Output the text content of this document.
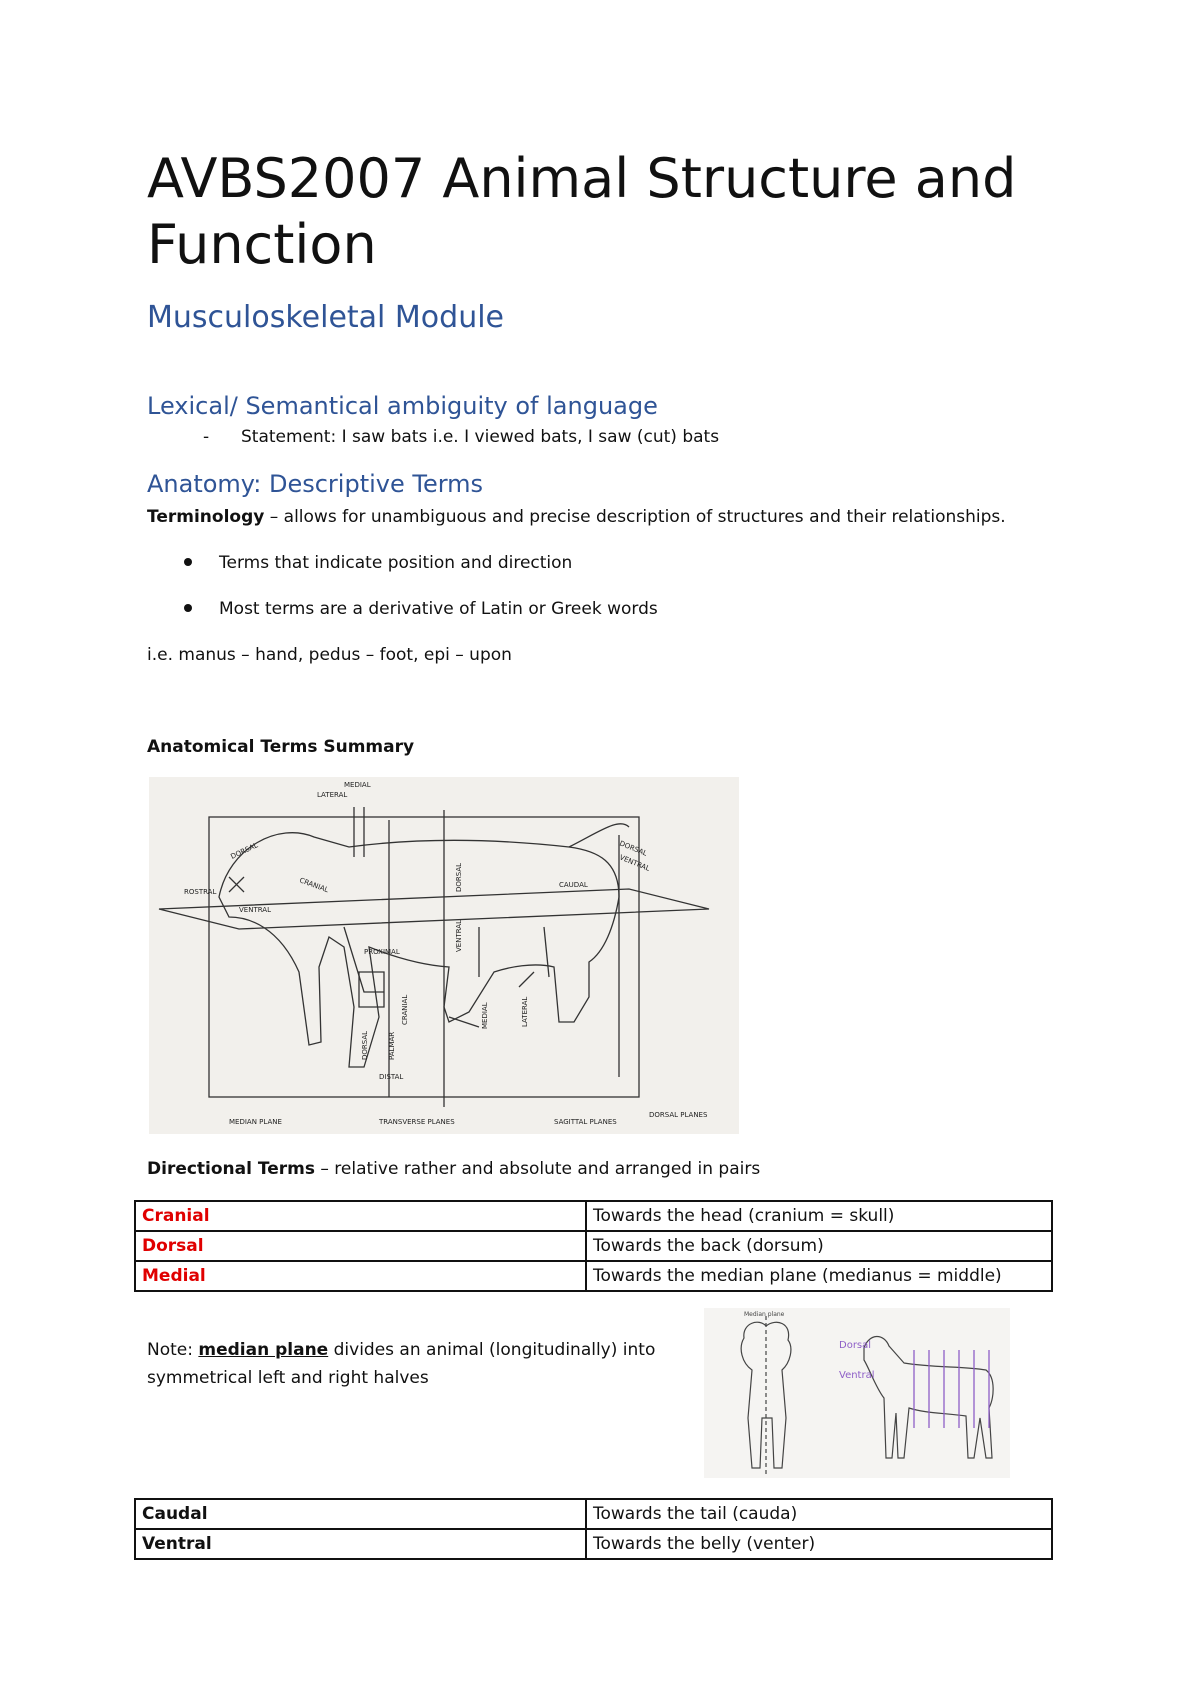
AVBS2007 Animal Structure and Function
Musculoskeletal Module
Lexical/ Semantical ambiguity of language
- Statement: I saw bats i.e. I viewed bats, I saw (cut) bats
Anatomy: Descriptive Terms
Terminology – allows for unambiguous and precise description of structures and their relationships.
Terms that indicate position and direction
Most terms are a derivative of Latin or Greek words
i.e. manus – hand, pedus – foot, epi – upon
Anatomical Terms Summary
MEDIAL
LATERAL
DORSAL
VENTRAL
CRANIAL
ROSTRAL	DORSAL
VENTRAL
CAUDAL
DORSAL
VENTRAL
PROXIMAL
CRANIAL
DORSAL	PALMAR
DISTAL
MEDIAL	LATERAL
MEDIAN PLANE	TRANSVERSE PLANES	SAGITTAL PLANES
DORSAL PLANES
Directional Terms – relative rather and absolute and arranged in pairs
Cranial	Towards the head (cranium = skull)
Dorsal	Towards the back (dorsum)
Medial	Towards the median plane (medianus = middle)
Note: median plane divides an animal (longitudinally) into symmetrical left and right halves
Dorsal
Ventral
Median plane
Caudal	Towards the tail (cauda)
Ventral	Towards the belly (venter)
